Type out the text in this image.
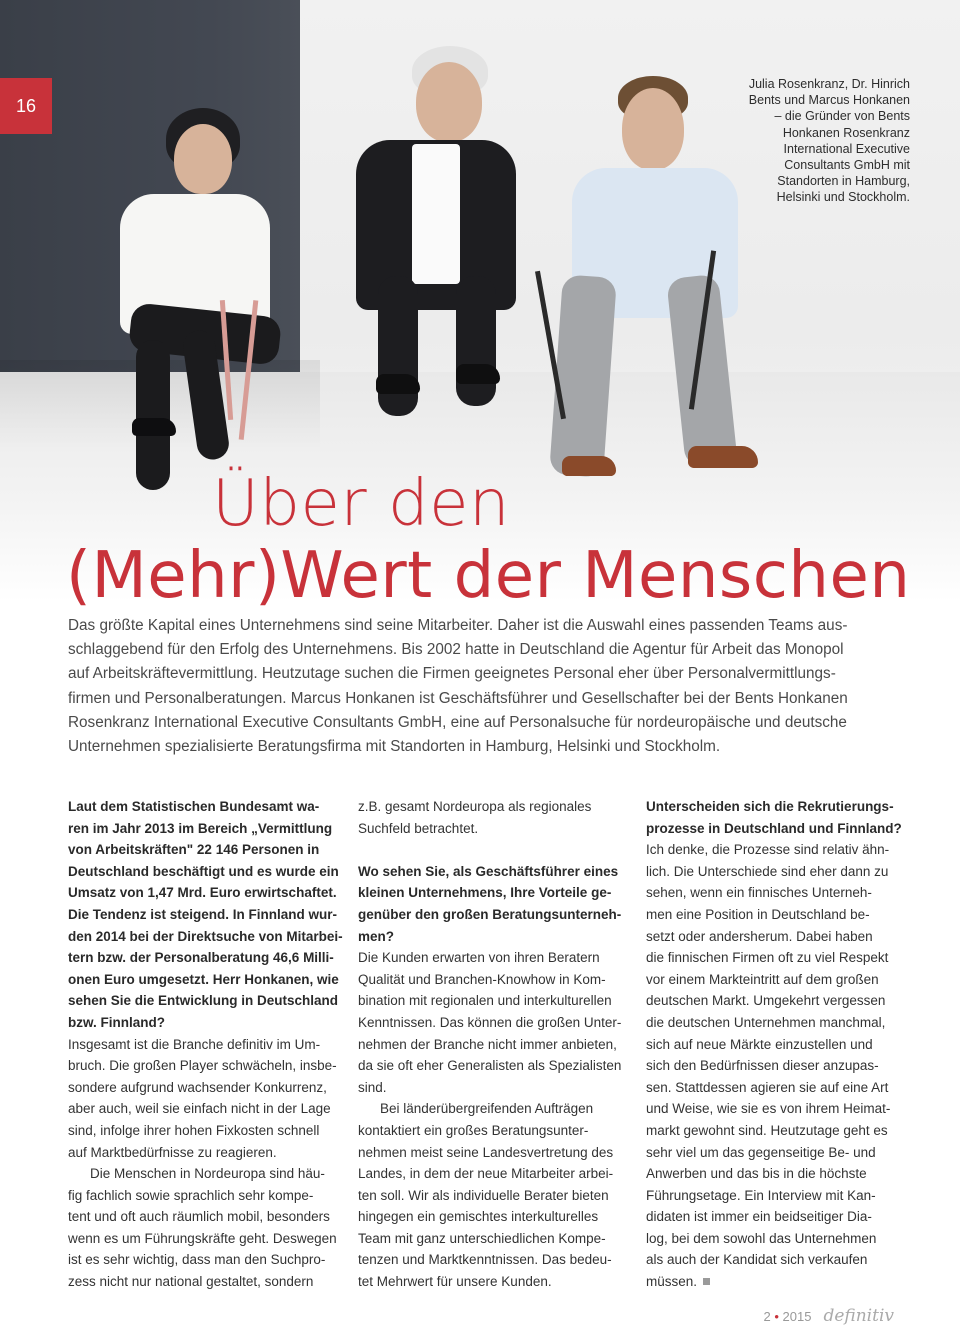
16
Julia Rosenkranz, Dr. Hinrich
Bents und Marcus Honkanen
– die Gründer von Bents
Honkanen Rosenkranz
International Executive
Consultants GmbH mit
Standorten in Hamburg,
Helsinki und Stockholm.
Über den
(Mehr)Wert der Menschen
Das größte Kapital eines Unternehmens sind seine Mitarbeiter. Daher ist die Auswahl eines passenden Teams aus-
schlaggebend für den Erfolg des Unternehmens. Bis 2002 hatte in Deutschland die Agentur für Arbeit das Monopol
auf Arbeitskräftevermittlung. Heutzutage suchen die Firmen geeignetes Personal eher über Personalvermittlungs-
firmen und Personalberatungen. Marcus Honkanen ist Geschäftsführer und Gesellschafter bei der Bents Honkanen
Rosenkranz International Executive Consultants GmbH, eine auf Personalsuche für nordeuropäische und deutsche
Unternehmen spezialisierte Beratungsfirma mit Standorten in Hamburg, Helsinki und Stockholm.
Laut dem Statistischen Bundesamt wa-
ren im Jahr 2013 im Bereich „Vermittlung
von Arbeitskräften" 22 146 Personen in
Deutschland beschäftigt und es wurde ein
Umsatz von 1,47 Mrd. Euro erwirtschaftet.
Die Tendenz ist steigend. In Finnland wur-
den 2014 bei der Direktsuche von Mitarbei-
tern bzw. der Personalberatung 46,6 Milli-
onen Euro umgesetzt. Herr Honkanen, wie
sehen Sie die Entwicklung in Deutschland
bzw. Finnland?
Insgesamt ist die Branche definitiv im Um-
bruch. Die großen Player schwächeln, insbe-
sondere aufgrund wachsender Konkurrenz,
aber auch, weil sie einfach nicht in der Lage
sind, infolge ihrer hohen Fixkosten schnell
auf Marktbedürfnisse zu reagieren.
Die Menschen in Nordeuropa sind häu-
fig fachlich sowie sprachlich sehr kompe-
tent und oft auch räumlich mobil, besonders
wenn es um Führungskräfte geht. Deswegen
ist es sehr wichtig, dass man den Suchpro-
zess nicht nur national gestaltet, sondern
z.B. gesamt Nordeuropa als regionales
Suchfeld betrachtet.
Wo sehen Sie, als Geschäftsführer eines
kleinen Unternehmens, Ihre Vorteile ge-
genüber den großen Beratungsunterneh-
men?
Die Kunden erwarten von ihren Beratern
Qualität und Branchen-Knowhow in Kom-
bination mit regionalen und interkulturellen
Kenntnissen. Das können die großen Unter-
nehmen der Branche nicht immer anbieten,
da sie oft eher Generalisten als Spezialisten
sind.
Bei länderübergreifenden Aufträgen
kontaktiert ein großes Beratungsunter-
nehmen meist seine Landesvertretung des
Landes, in dem der neue Mitarbeiter arbei-
ten soll. Wir als individuelle Berater bieten
hingegen ein gemischtes interkulturelles
Team mit ganz unterschiedlichen Kompe-
tenzen und Marktkenntnissen. Das bedeu-
tet Mehrwert für unsere Kunden.
Unterscheiden sich die Rekrutierungs-
prozesse in Deutschland und Finnland?
Ich denke, die Prozesse sind relativ ähn-
lich. Die Unterschiede sind eher dann zu
sehen, wenn ein finnisches Unterneh-
men eine Position in Deutschland be-
setzt oder andersherum. Dabei haben
die finnischen Firmen oft zu viel Respekt
vor einem Markteintritt auf dem großen
deutschen Markt. Umgekehrt vergessen
die deutschen Unternehmen manchmal,
sich auf neue Märkte einzustellen und
sich den Bedürfnissen dieser anzupas-
sen. Stattdessen agieren sie auf eine Art
und Weise, wie sie es von ihrem Heimat-
markt gewohnt sind. Heutzutage geht es
sehr viel um das gegenseitige Be- und
Anwerben und das bis in die höchste
Führungsetage. Ein Interview mit Kan-
didaten ist immer ein beidseitiger Dia-
log, bei dem sowohl das Unternehmen
als auch der Kandidat sich verkaufen
müssen.
2 • 2015 definitiv
